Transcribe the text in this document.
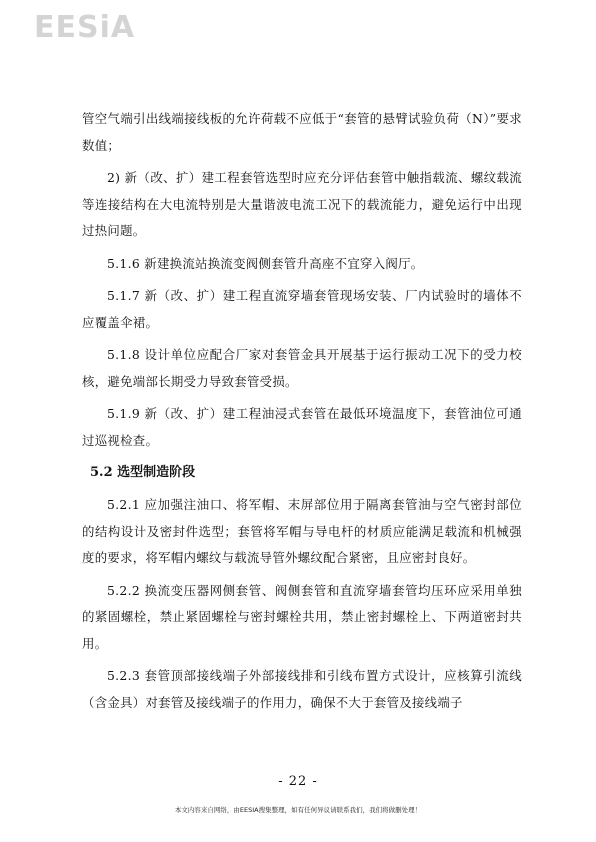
EESiA

管空气端引出线端接线板的允许荷载不应低于“套管的悬臂试验负荷（N）”要求数值；

2) 新（改、扩）建工程套管选型时应充分评估套管中触指载流、螺纹载流等连接结构在大电流特别是大量谐波电流工况下的载流能力，避免运行中出现过热问题。

5.1.6 新建换流站换流变阀侧套管升高座不宜穿入阀厅。

5.1.7 新（改、扩）建工程直流穿墙套管现场安装、厂内试验时的墙体不应覆盖伞裙。

5.1.8 设计单位应配合厂家对套管金具开展基于运行振动工况下的受力校核，避免端部长期受力导致套管受损。

5.1.9 新（改、扩）建工程油浸式套管在最低环境温度下，套管油位可通过巡视检查。

5.2 选型制造阶段

5.2.1 应加强注油口、将军帽、末屏部位用于隔离套管油与空气密封部位的结构设计及密封件选型；套管将军帽与导电杆的材质应能满足载流和机械强度的要求，将军帽内螺纹与载流导管外螺纹配合紧密，且应密封良好。

5.2.2 换流变压器网侧套管、阀侧套管和直流穿墙套管均压环应采用单独的紧固螺栓，禁止紧固螺栓与密封螺栓共用，禁止密封螺栓上、下两道密封共用。

5.2.3 套管顶部接线端子外部接线排和引线布置方式设计，应核算引流线（含金具）对套管及接线端子的作用力，确保不大于套管及接线端子

- 22 -
本文内容来自网络，由EESIA搜集整理，如有任何异议请联系我们，我们将做删处理！
